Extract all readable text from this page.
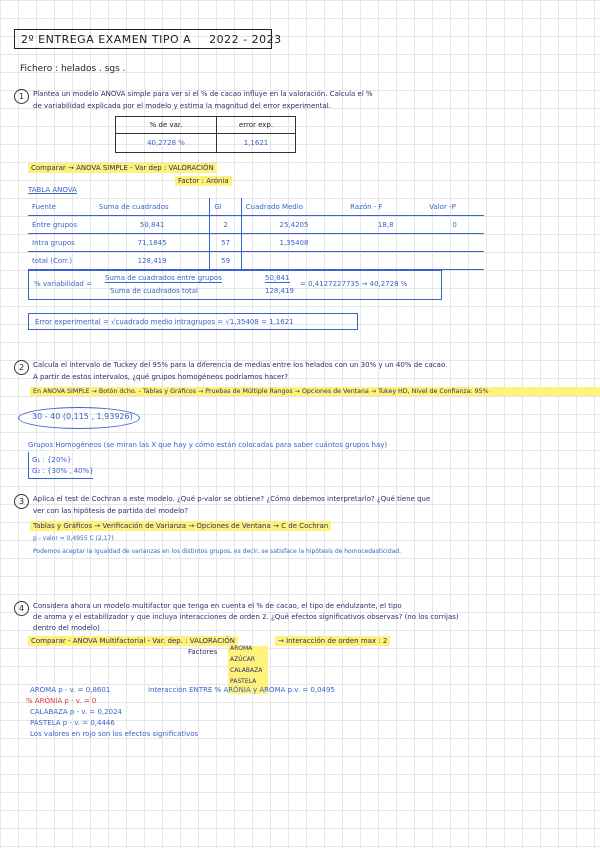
2º ENTREGA EXAMEN TIPO A 2022 - 2023
Fichero : helados . sgs .
1	Plantea un modelo ANOVA simple para ver si el % de cacao influye en la valoración. Calcula el %
de variabilidad explicada por el modelo y estima la magnitud del error experimental.
% de var.	error exp.
40,2728 %	1,1621
Comparar → ANOVA SIMPLE - Var dep : VALORACIÓN
Factor : Arónia
TABLA ANOVA
Fuente	Suma de cuadrados	Gl	Cuadrado Medio	Razón - F	Valor -P
Entre grupos	50,841	2	25,4205	18,8	0
Intra grupos	71,1845	57	1,35408		
total (Corr.)	128,419	59			
% variabilidad =
Suma de cuadrados entre grupos
Suma de cuadrados total
50,841
128,419
= 0,4127227735 → 40,2728 %
Error experimental = √cuadrado medio intragrupos = √1,35408 = 1,1621
2	Calcula el intervalo de Tuckey del 95% para la diferencia de medias entre los helados con un 30% y un 40% de cacao.
A partir de estos intervalos, ¿qué grupos homogéneos podríamos hacer?
En ANOVA SIMPLE → Botón dcho. - Tablas y Gráficos → Pruebas de Múltiple Rangos → Opciones de Ventana → Tukey HD, Nivel de Confianza: 95%
30 - 40 (0,115 , 1,93926)
Grupos Homogéneos (se miran las X que hay y cómo están colocadas para saber cuántos grupos hay)
G₁ : {20%}
G₂ : {30% , 40%}
3	Aplica el test de Cochran a este modelo. ¿Qué p-valor se obtiene? ¿Cómo debemos interpretarlo? ¿Qué tiene que
ver con las hipótesis de partida del modelo?
Tablas y Gráficos → Verificación de Varianza → Opciones de Ventana → C de Cochran
p - valor = 0,4955 C (2,17)
Podemos aceptar la igualdad de varianzas en los distintos grupos, es decir, se satisface la hipótesis de homocedasticidad.
4	Considera ahora un modelo multifactor que tenga en cuenta el % de cacao, el tipo de endulzante, el tipo
de aroma y el estabilizador y que incluya interacciones de orden 2. ¿Qué efectos significativos observas? (no los corrijas)
dentro del modelo)
Comparar - ANOVA Multifactorial - Var. dep. : VALORACIÓN
Factores AROMA
AZÚCAR
CALABAZA
PASTELA
→ Interacción de orden max : 2
AROMA p - v. = 0,8601	interacción ENTRE % ARÓNIA y AROMA p.v. = 0,0495
% ARÓNIA p - v. = 0
CALABAZA p - v. = 0,2024
PASTELA p - v. = 0,4446
Los valores en rojo son los efectos significativos
